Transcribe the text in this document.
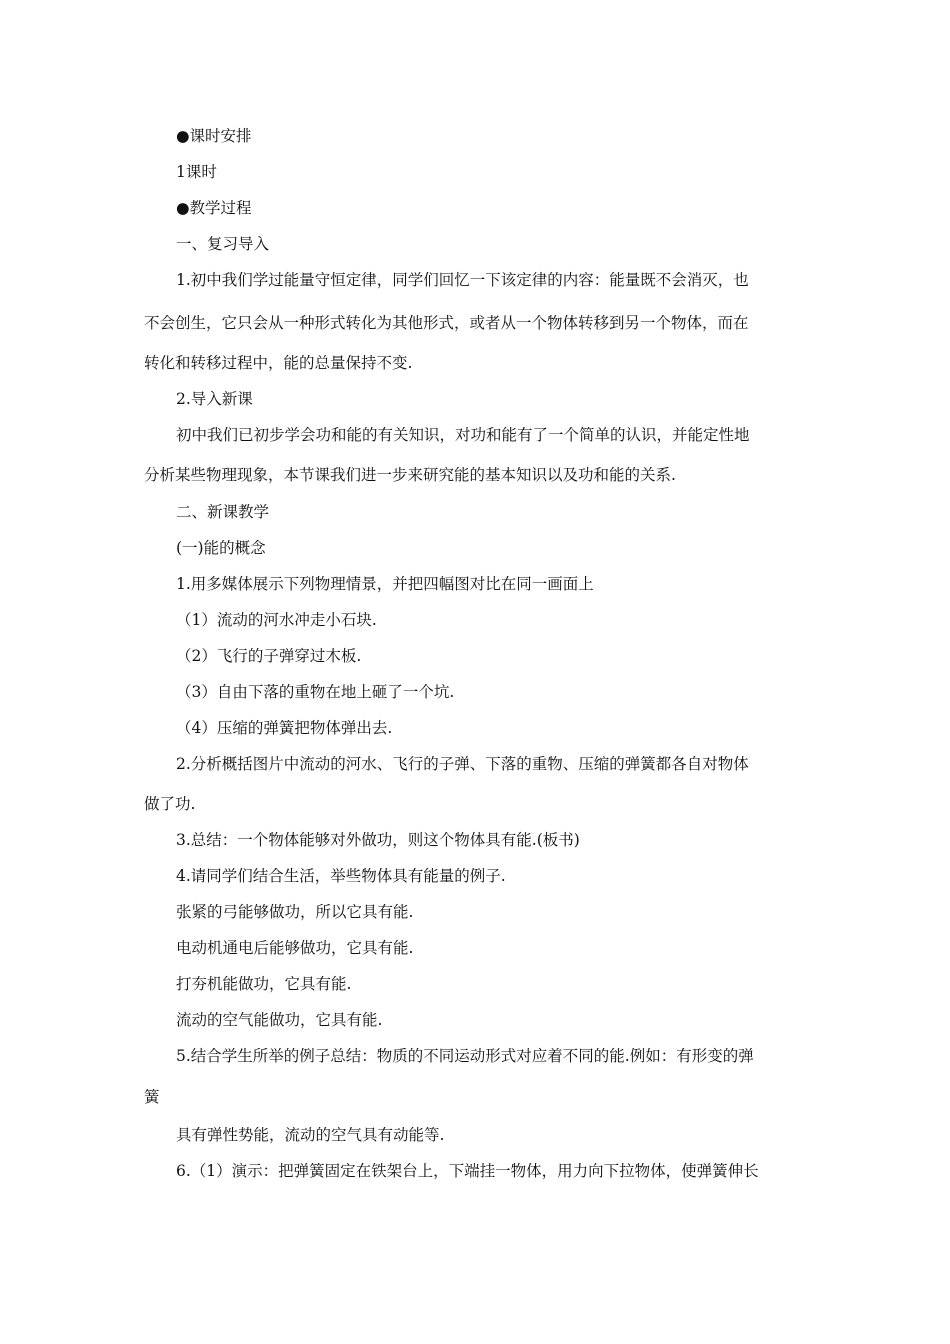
●课时安排
1课时
●教学过程
一、复习导入
1.初中我们学过能量守恒定律，同学们回忆一下该定律的内容：能量既不会消灭，也
不会创生，它只会从一种形式转化为其他形式，或者从一个物体转移到另一个物体，而在
转化和转移过程中，能的总量保持不变.
2.导入新课
初中我们已初步学会功和能的有关知识，对功和能有了一个简单的认识，并能定性地
分析某些物理现象，本节课我们进一步来研究能的基本知识以及功和能的关系.
二、新课教学
(一)能的概念
1.用多媒体展示下列物理情景，并把四幅图对比在同一画面上
（1）流动的河水冲走小石块.
（2）飞行的子弹穿过木板.
（3）自由下落的重物在地上砸了一个坑.
（4）压缩的弹簧把物体弹出去.
2.分析概括图片中流动的河水、飞行的子弹、下落的重物、压缩的弹簧都各自对物体
做了功.
3.总结：一个物体能够对外做功，则这个物体具有能.(板书)
4.请同学们结合生活，举些物体具有能量的例子.
张紧的弓能够做功，所以它具有能.
电动机通电后能够做功，它具有能.
打夯机能做功，它具有能.
流动的空气能做功，它具有能.
5.结合学生所举的例子总结：物质的不同运动形式对应着不同的能.例如：有形变的弹
簧
具有弹性势能，流动的空气具有动能等.
6.（1）演示：把弹簧固定在铁架台上，下端挂一物体，用力向下拉物体，使弹簧伸长
